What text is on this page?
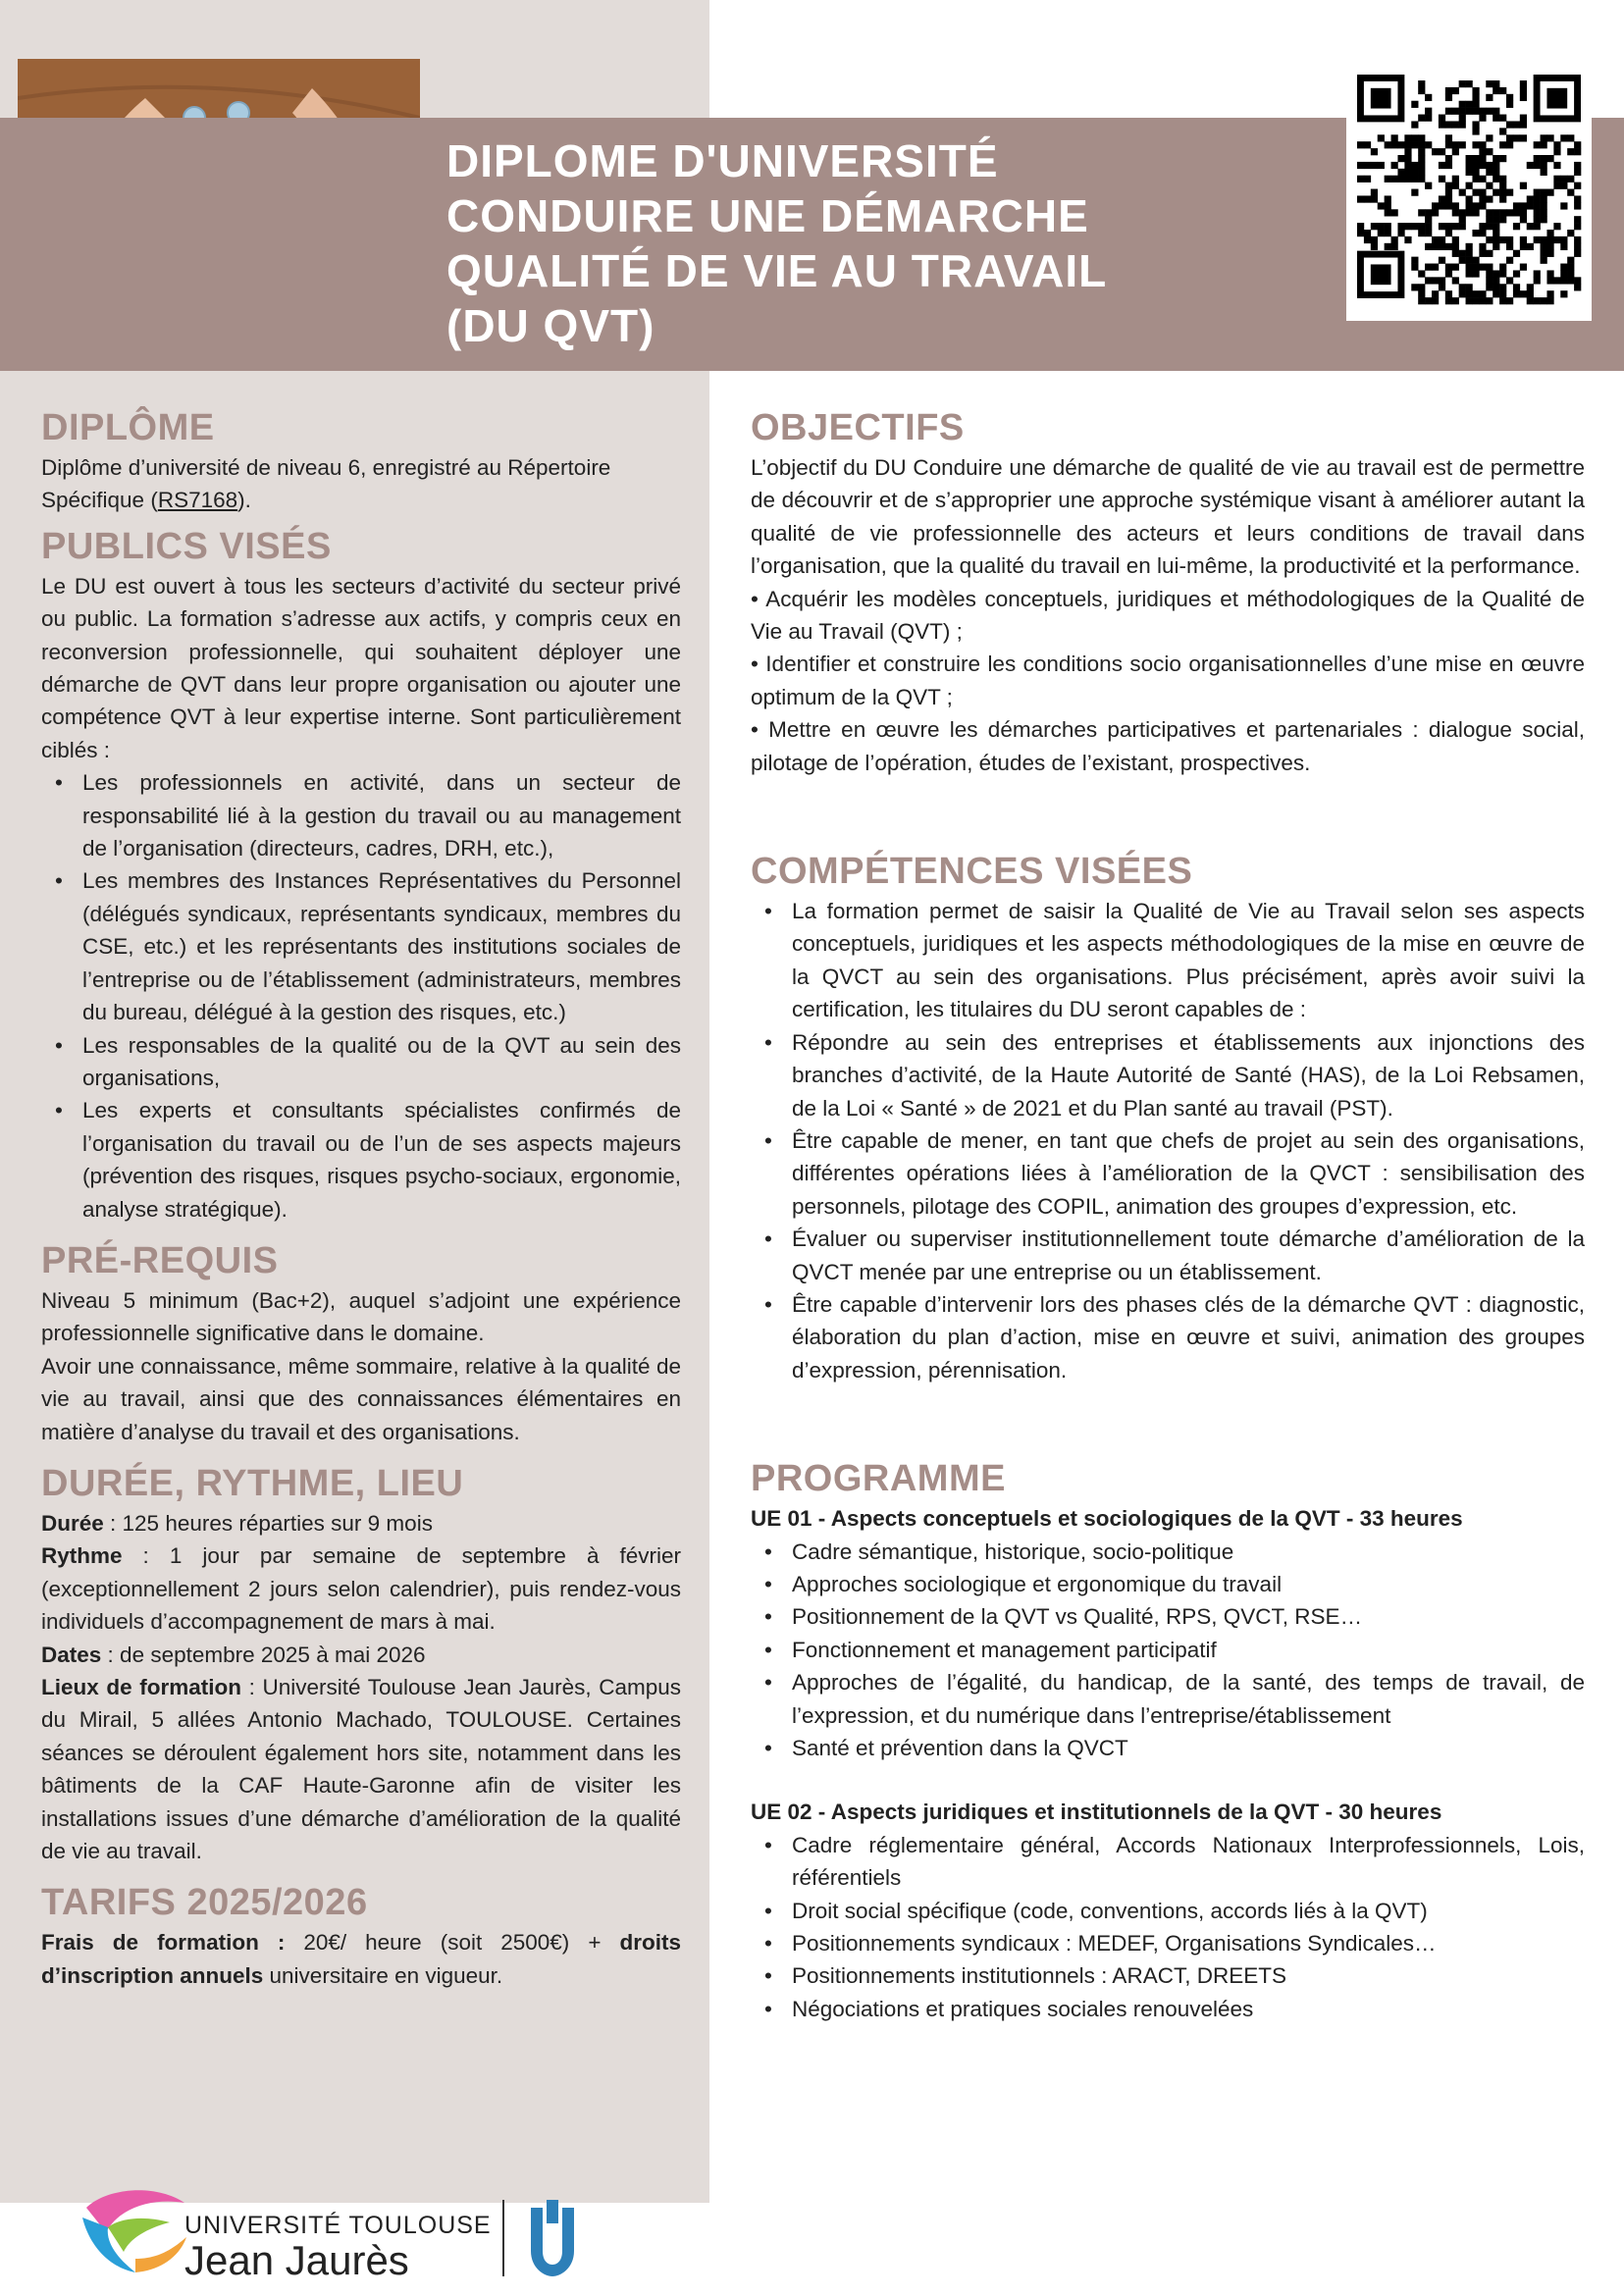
DIPLOME D'UNIVERSITÉ
CONDUIRE UNE DÉMARCHE
QUALITÉ DE VIE AU TRAVAIL
(DU QVT)
DIPLÔME

Diplôme d’université de niveau 6, enregistré au Répertoire Spécifique (RS7168).

PUBLICS VISÉS

Le DU est ouvert à tous les secteurs d’activité du secteur privé ou public. La formation s’adresse aux actifs, y compris ceux en reconversion professionnelle, qui souhaitent déployer une démarche de QVT dans leur propre organisation ou ajouter une compétence QVT à leur expertise interne. Sont particulièrement ciblés :

• Les professionnels en activité, dans un secteur de responsabilité lié à la gestion du travail ou au management de l’organisation (directeurs, cadres, DRH, etc.),
• Les membres des Instances Représentatives du Personnel (délégués syndicaux, représentants syndicaux, membres du CSE, etc.) et les représentants des institutions sociales de l’entreprise ou de l’établissement (administrateurs, membres du bureau, délégué à la gestion des risques, etc.)
• Les responsables de la qualité ou de la QVT au sein des organisations,
• Les experts et consultants spécialistes confirmés de l’organisation du travail ou de l’un de ses aspects majeurs (prévention des risques, risques psycho-sociaux, ergonomie, analyse stratégique).
PRÉ-REQUIS

Niveau 5 minimum (Bac+2), auquel s’adjoint une expérience professionnelle significative dans le domaine.

Avoir une connaissance, même sommaire, relative à la qualité de vie au travail, ainsi que des connaissances élémentaires en matière d’analyse du travail et des organisations.

DURÉE, RYTHME, LIEU

Durée : 125 heures réparties sur 9 mois

Rythme : 1 jour par semaine de septembre à février (exceptionnellement 2 jours selon calendrier), puis rendez-vous individuels d’accompagnement de mars à mai.

Dates : de septembre 2025 à mai 2026

Lieux de formation : Université Toulouse Jean Jaurès, Campus du Mirail, 5 allées Antonio Machado, TOULOUSE. Certaines séances se déroulent également hors site, notamment dans les bâtiments de la CAF Haute-Garonne afin de visiter les installations issues d’une démarche d’amélioration de la qualité de vie au travail.

TARIFS 2025/2026

Frais de formation : 20€/ heure (soit 2500€) + droits d’inscription annuels universitaire en vigueur.

OBJECTIFS

L’objectif du DU Conduire une démarche de qualité de vie au travail est de permettre de découvrir et de s’approprier une approche systémique visant à améliorer autant la qualité de vie professionnelle des acteurs et leurs conditions de travail dans l’organisation, que la qualité du travail en lui-même, la productivité et la performance.

• Acquérir les modèles conceptuels, juridiques et méthodologiques de la Qualité de Vie au Travail (QVT) ;

• Identifier et construire les conditions socio organisationnelles d’une mise en œuvre optimum de la QVT ;

• Mettre en œuvre les démarches participatives et partenariales : dialogue social, pilotage de l’opération, études de l’existant, prospectives.

COMPÉTENCES VISÉES
• La formation permet de saisir la Qualité de Vie au Travail selon ses aspects conceptuels, juridiques et les aspects méthodologiques de la mise en œuvre de la QVCT au sein des organisations. Plus précisément, après avoir suivi la certification, les titulaires du DU seront capables de :
• Répondre au sein des entreprises et établissements aux injonctions des branches d’activité, de la Haute Autorité de Santé (HAS), de la Loi Rebsamen, de la Loi « Santé » de 2021 et du Plan santé au travail (PST).
• Être capable de mener, en tant que chefs de projet au sein des organisations, différentes opérations liées à l’amélioration de la QVCT : sensibilisation des personnels, pilotage des COPIL, animation des groupes d’expression, etc.
• Évaluer ou superviser institutionnellement toute démarche d’amélioration de la QVCT menée par une entreprise ou un établissement.
• Être capable d’intervenir lors des phases clés de la démarche QVT : diagnostic, élaboration du plan d’action, mise en œuvre et suivi, animation des groupes d’expression, pérennisation.
PROGRAMME

UE 01 - Aspects conceptuels et sociologiques de la QVT - 33 heures

• Cadre sémantique, historique, socio-politique
• Approches sociologique et ergonomique du travail
• Positionnement de la QVT vs Qualité, RPS, QVCT, RSE…
• Fonctionnement et management participatif
• Approches de l’égalité, du handicap, de la santé, des temps de travail, de l’expression, et du numérique dans l’entreprise/établissement
• Santé et prévention dans la QVCT

UE 02 - Aspects juridiques et institutionnels de la QVT - 30 heures

• Cadre réglementaire général, Accords Nationaux Interprofessionnels, Lois, référentiels
• Droit social spécifique (code, conventions, accords liés à la QVT)
• Positionnements syndicaux : MEDEF, Organisations Syndicales…
• Positionnements institutionnels : ARACT, DREETS
• Négociations et pratiques sociales renouvelées
UNIVERSITÉ TOULOUSE
Jean Jaurès
